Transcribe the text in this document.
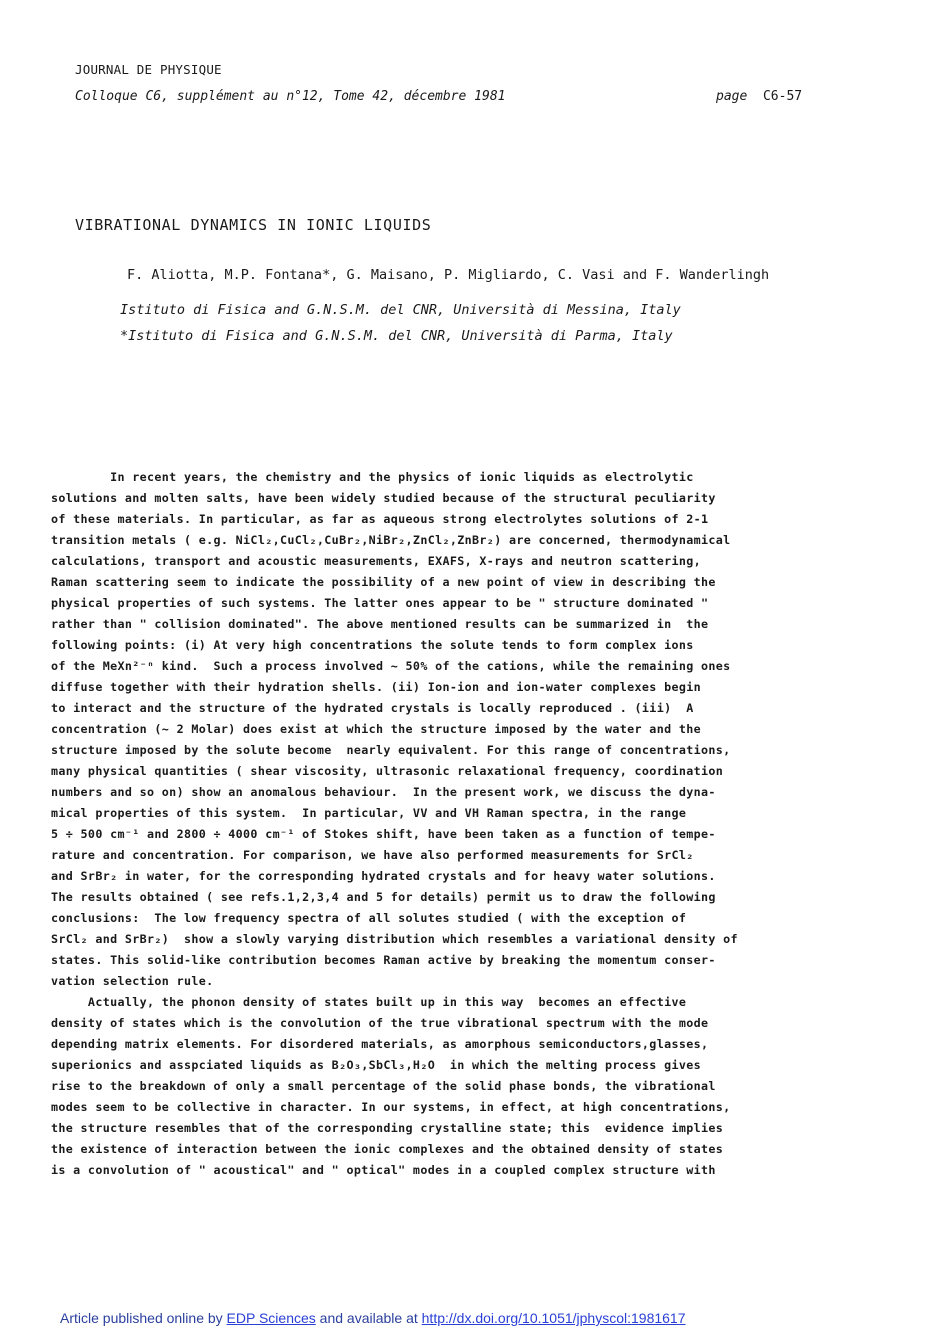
JOURNAL DE PHYSIQUE
Colloque C6, supplément au n°12, Tome 42, décembre 1981	page C6-57
VIBRATIONAL DYNAMICS IN IONIC LIQUIDS
F. Aliotta, M.P. Fontana*, G. Maisano, P. Migliardo, C. Vasi and F. Wanderlingh
Istituto di Fisica and G.N.S.M. del CNR, Università di Messina, Italy
*Istituto di Fisica and G.N.S.M. del CNR, Università di Parma, Italy
In recent years, the chemistry and the physics of ionic liquids as electrolytic
solutions and molten salts, have been widely studied because of the structural peculiarity
of these materials. In particular, as far as aqueous strong electrolytes solutions of 2-1
transition metals ( e.g. NiCl₂,CuCl₂,CuBr₂,NiBr₂,ZnCl₂,ZnBr₂) are concerned, thermodynamical
calculations, transport and acoustic measurements, EXAFS, X-rays and neutron scattering,
Raman scattering seem to indicate the possibility of a new point of view in describing the
physical properties of such systems. The latter ones appear to be " structure dominated "
rather than " collision dominated". The above mentioned results can be summarized in  the
following points: (i) At very high concentrations the solute tends to form complex ions
of the MeXn²⁻ⁿ kind.  Such a process involved ~ 50% of the cations, while the remaining ones
diffuse together with their hydration shells. (ii) Ion-ion and ion-water complexes begin
to interact and the structure of the hydrated crystals is locally reproduced . (iii)  A
concentration (~ 2 Molar) does exist at which the structure imposed by the water and the
structure imposed by the solute become  nearly equivalent. For this range of concentrations,
many physical quantities ( shear viscosity, ultrasonic relaxational frequency, coordination
numbers and so on) show an anomalous behaviour.  In the present work, we discuss the dyna-
mical properties of this system.  In particular, VV and VH Raman spectra, in the range
5 ÷ 500 cm⁻¹ and 2800 ÷ 4000 cm⁻¹ of Stokes shift, have been taken as a function of tempe-
rature and concentration. For comparison, we have also performed measurements for SrCl₂
and SrBr₂ in water, for the corresponding hydrated crystals and for heavy water solutions.
The results obtained ( see refs.1,2,3,4 and 5 for details) permit us to draw the following
conclusions:  The low frequency spectra of all solutes studied ( with the exception of
SrCl₂ and SrBr₂)  show a slowly varying distribution which resembles a variational density of
states. This solid-like contribution becomes Raman active by breaking the momentum conser-
vation selection rule.
Actually, the phonon density of states built up in this way  becomes an effective
density of states which is the convolution of the true vibrational spectrum with the mode
depending matrix elements. For disordered materials, as amorphous semiconductors,glasses,
superionics and asspciated liquids as B₂O₃,SbCl₃,H₂O  in which the melting process gives
rise to the breakdown of only a small percentage of the solid phase bonds, the vibrational
modes seem to be collective in character. In our systems, in effect, at high concentrations,
the structure resembles that of the corresponding crystalline state; this  evidence implies
the existence of interaction between the ionic complexes and the obtained density of states
is a convolution of " acoustical" and " optical" modes in a coupled complex structure with
Article published online by EDP Sciences and available at http://dx.doi.org/10.1051/jphyscol:1981617
